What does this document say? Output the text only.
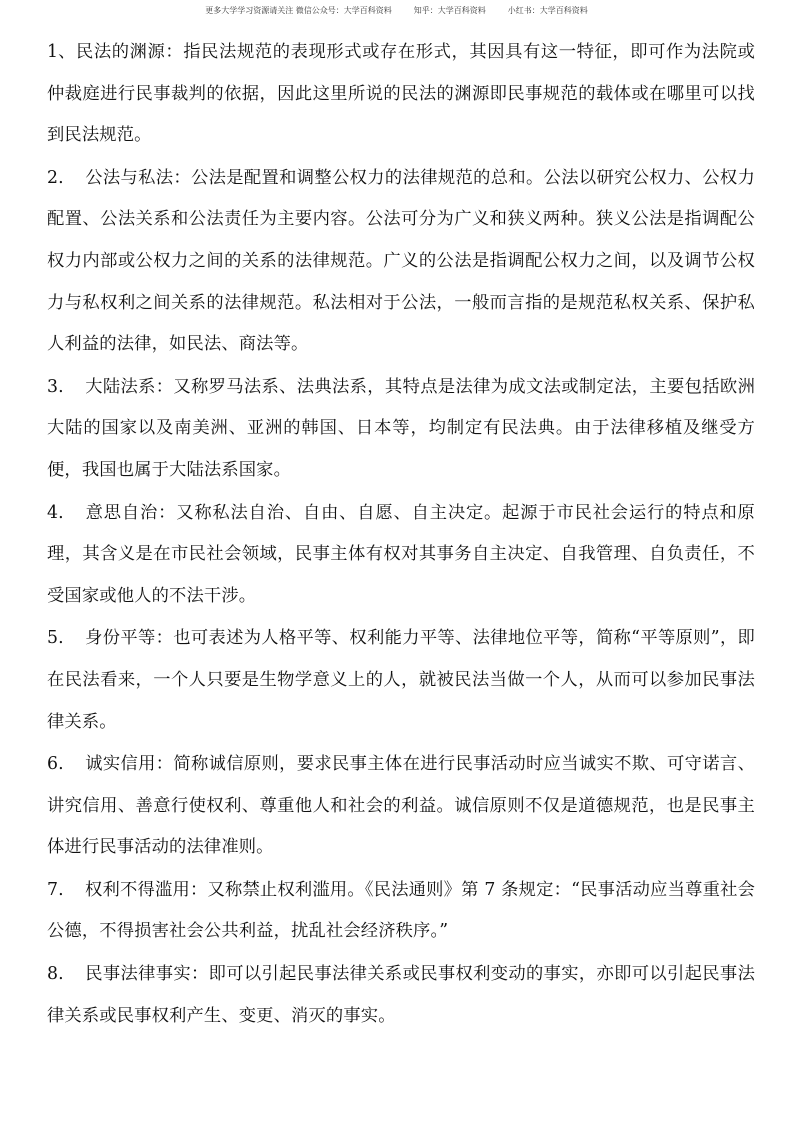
更多大学学习资源请关注 微信公众号：大学百科资料	知乎：大学百科资料	小红书：大学百科资料

1、民法的渊源：指民法规范的表现形式或存在形式，其因具有这一特征，即可作为法院或仲裁庭进行民事裁判的依据，因此这里所说的民法的渊源即民事规范的载体或在哪里可以找到民法规范。

2. 公法与私法：公法是配置和调整公权力的法律规范的总和。公法以研究公权力、公权力配置、公法关系和公法责任为主要内容。公法可分为广义和狭义两种。狭义公法是指调配公权力内部或公权力之间的关系的法律规范。广义的公法是指调配公权力之间，以及调节公权力与私权利之间关系的法律规范。私法相对于公法，一般而言指的是规范私权关系、保护私人利益的法律，如民法、商法等。

3. 大陆法系：又称罗马法系、法典法系，其特点是法律为成文法或制定法，主要包括欧洲大陆的国家以及南美洲、亚洲的韩国、日本等，均制定有民法典。由于法律移植及继受方便，我国也属于大陆法系国家。

4. 意思自治：又称私法自治、自由、自愿、自主决定。起源于市民社会运行的特点和原理，其含义是在市民社会领域，民事主体有权对其事务自主决定、自我管理、自负责任，不受国家或他人的不法干涉。

5. 身份平等：也可表述为人格平等、权利能力平等、法律地位平等，简称“平等原则”，即在民法看来，一个人只要是生物学意义上的人，就被民法当做一个人，从而可以参加民事法律关系。

6. 诚实信用：简称诚信原则，要求民事主体在进行民事活动时应当诚实不欺、可守诺言、讲究信用、善意行使权利、尊重他人和社会的利益。诚信原则不仅是道德规范，也是民事主体进行民事活动的法律准则。

7. 权利不得滥用：又称禁止权利滥用。《民法通则》第 7 条规定：“民事活动应当尊重社会公德，不得损害社会公共利益，扰乱社会经济秩序。”

8. 民事法律事实：即可以引起民事法律关系或民事权利变动的事实，亦即可以引起民事法律关系或民事权利产生、变更、消灭的事实。
